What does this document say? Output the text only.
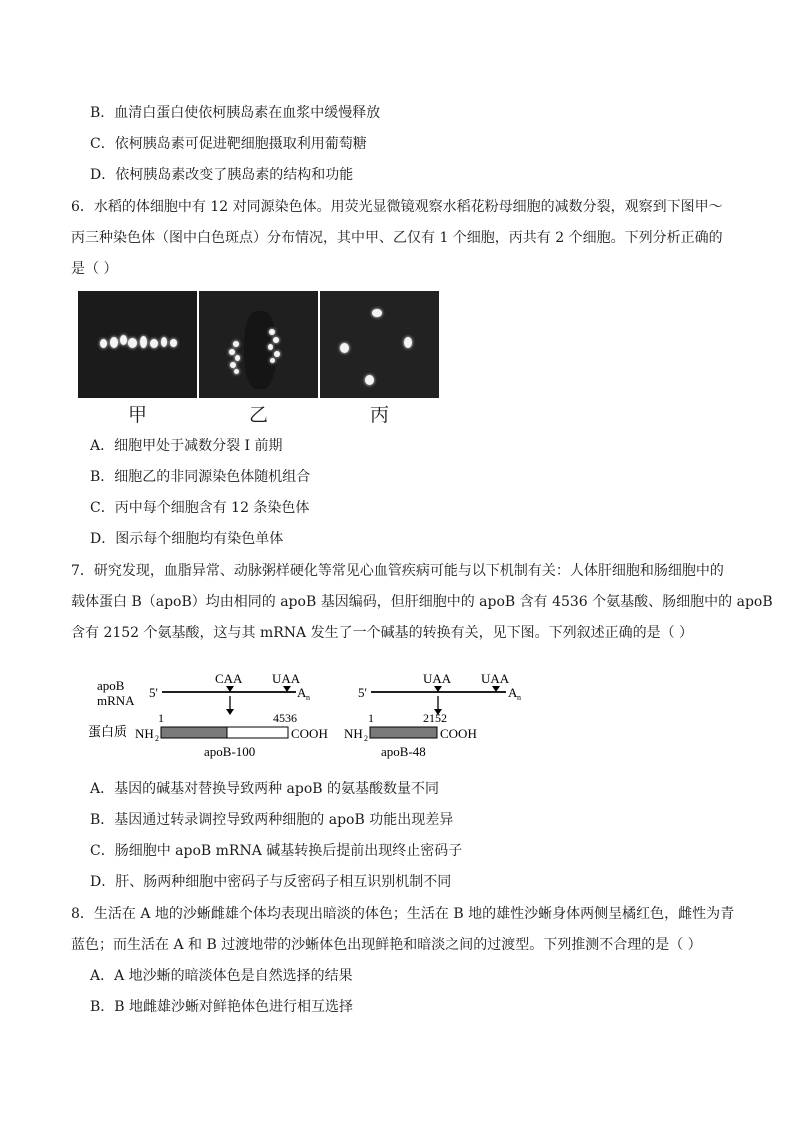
B．血清白蛋白使依柯胰岛素在血浆中缓慢释放
C．依柯胰岛素可促进靶细胞摄取利用葡萄糖
D．依柯胰岛素改变了胰岛素的结构和功能
6．水稻的体细胞中有 12 对同源染色体。用荧光显微镜观察水稻花粉母细胞的减数分裂，观察到下图甲～
丙三种染色体（图中白色斑点）分布情况，其中甲、乙仅有 1 个细胞，丙共有 2 个细胞。下列分析正确的
是（ ）
甲	乙	丙
A．细胞甲处于减数分裂 I 前期
B．细胞乙的非同源染色体随机组合
C．丙中每个细胞含有 12 条染色体
D．图示每个细胞均有染色单体
7．研究发现，血脂异常、动脉粥样硬化等常见心血管疾病可能与以下机制有关：人体肝细胞和肠细胞中的
载体蛋白 B（apoB）均由相同的 apoB 基因编码，但肝细胞中的 apoB 含有 4536 个氨基酸、肠细胞中的 apoB
含有 2152 个氨基酸，这与其 mRNA 发生了一个碱基的转换有关，见下图。下列叙述正确的是（ ）
apoB
mRNA
蛋白质
5'	A n
CAA UAA
1	4536
NH 2	COOH
apoB-100
5'	A n
UAA UAA
1	2152
NH 2	COOH
apoB-48
A．基因的碱基对替换导致两种 apoB 的氨基酸数量不同
B．基因通过转录调控导致两种细胞的 apoB 功能出现差异
C．肠细胞中 apoB mRNA 碱基转换后提前出现终止密码子
D．肝、肠两种细胞中密码子与反密码子相互识别机制不同
8．生活在 A 地的沙蜥雌雄个体均表现出暗淡的体色；生活在 B 地的雄性沙蜥身体两侧呈橘红色，雌性为青
蓝色；而生活在 A 和 B 过渡地带的沙蜥体色出现鲜艳和暗淡之间的过渡型。下列推测不合理的是（ ）
A．A 地沙蜥的暗淡体色是自然选择的结果
B．B 地雌雄沙蜥对鲜艳体色进行相互选择
